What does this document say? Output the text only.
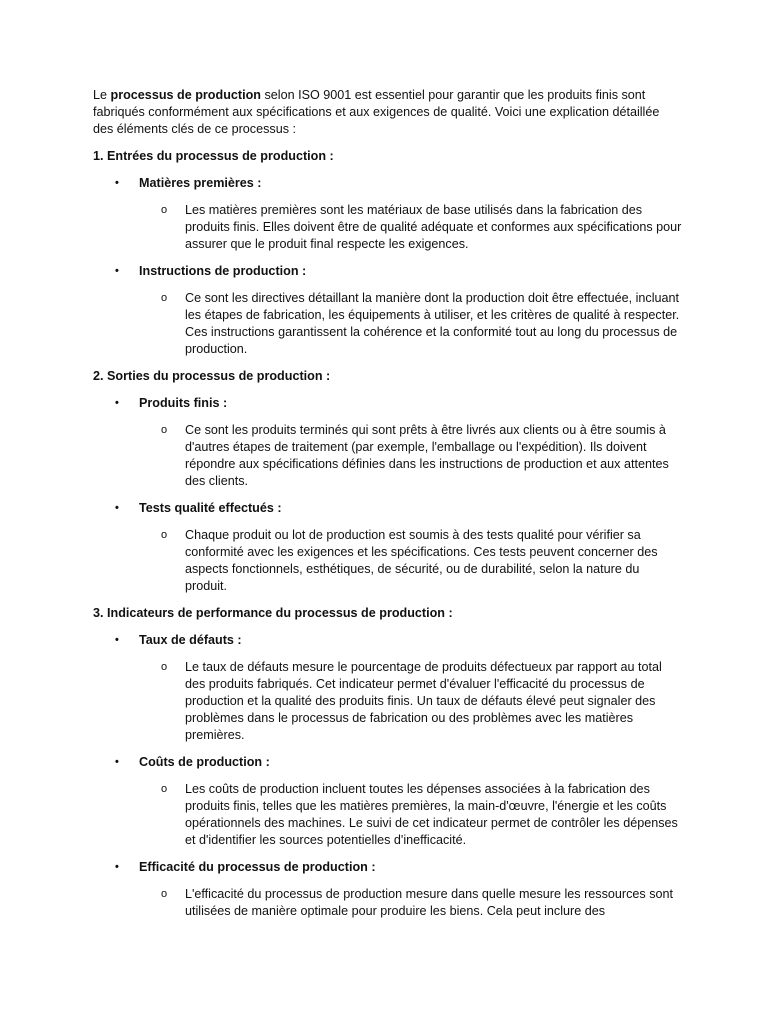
Le processus de production selon ISO 9001 est essentiel pour garantir que les produits finis sont fabriqués conformément aux spécifications et aux exigences de qualité. Voici une explication détaillée des éléments clés de ce processus :

1. Entrées du processus de production :

• Matières premières :
o Les matières premières sont les matériaux de base utilisés dans la fabrication des produits finis. Elles doivent être de qualité adéquate et conformes aux spécifications pour assurer que le produit final respecte les exigences.
• Instructions de production :
o Ce sont les directives détaillant la manière dont la production doit être effectuée, incluant les étapes de fabrication, les équipements à utiliser, et les critères de qualité à respecter. Ces instructions garantissent la cohérence et la conformité tout au long du processus de production.

2. Sorties du processus de production :

• Produits finis :
o Ce sont les produits terminés qui sont prêts à être livrés aux clients ou à être soumis à d'autres étapes de traitement (par exemple, l'emballage ou l'expédition). Ils doivent répondre aux spécifications définies dans les instructions de production et aux attentes des clients.
• Tests qualité effectués :
o Chaque produit ou lot de production est soumis à des tests qualité pour vérifier sa conformité avec les exigences et les spécifications. Ces tests peuvent concerner des aspects fonctionnels, esthétiques, de sécurité, ou de durabilité, selon la nature du produit.

3. Indicateurs de performance du processus de production :

• Taux de défauts :
o Le taux de défauts mesure le pourcentage de produits défectueux par rapport au total des produits fabriqués. Cet indicateur permet d'évaluer l'efficacité du processus de production et la qualité des produits finis. Un taux de défauts élevé peut signaler des problèmes dans le processus de fabrication ou des problèmes avec les matières premières.
• Coûts de production :
o Les coûts de production incluent toutes les dépenses associées à la fabrication des produits finis, telles que les matières premières, la main-d'œuvre, l'énergie et les coûts opérationnels des machines. Le suivi de cet indicateur permet de contrôler les dépenses et d'identifier les sources potentielles d'inefficacité.
• Efficacité du processus de production :
o L'efficacité du processus de production mesure dans quelle mesure les ressources sont utilisées de manière optimale pour produire les biens. Cela peut inclure des
